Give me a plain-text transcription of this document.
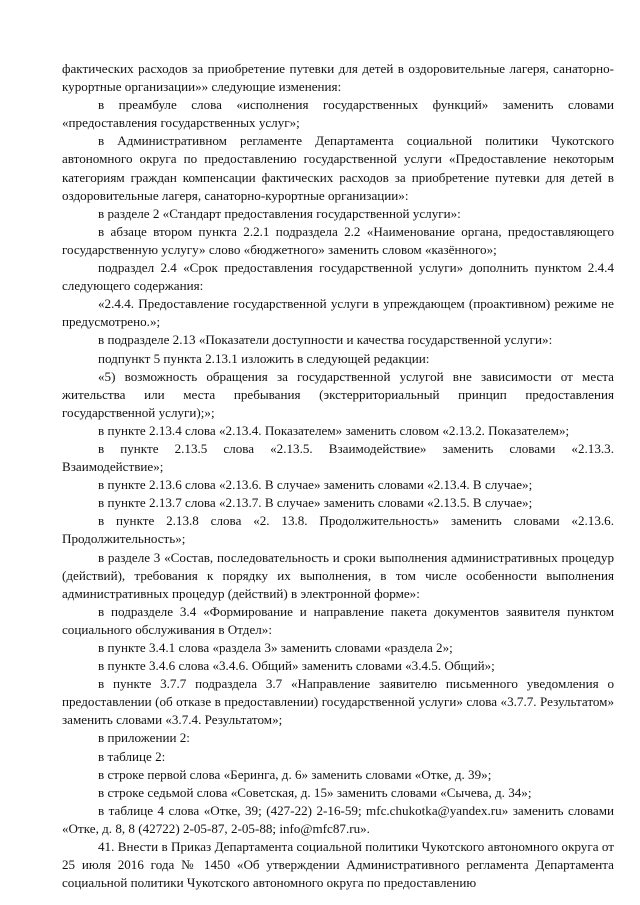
фактических расходов за приобретение путевки для детей в оздоровительные лагеря, санаторно-курортные организации»» следующие изменения:

в преамбуле слова «исполнения государственных функций» заменить словами «предоставления государственных услуг»;

в Административном регламенте Департамента социальной политики Чукотского автономного округа по предоставлению государственной услуги «Предоставление некоторым категориям граждан компенсации фактических расходов за приобретение путевки для детей в оздоровительные лагеря, санаторно-курортные организации»:

в разделе 2 «Стандарт предоставления государственной услуги»:

в абзаце втором пункта 2.2.1 подраздела 2.2 «Наименование органа, предоставляющего государственную услугу» слово «бюджетного» заменить словом «казённого»;

подраздел 2.4 «Срок предоставления государственной услуги» дополнить пунктом 2.4.4 следующего содержания:

«2.4.4. Предоставление государственной услуги в упреждающем (проактивном) режиме не предусмотрено.»;

в подразделе 2.13 «Показатели доступности и качества государственной услуги»:

подпункт 5 пункта 2.13.1 изложить в следующей редакции:

«5) возможность обращения за государственной услугой вне зависимости от места жительства или места пребывания (экстерриториальный принцип предоставления государственной услуги);»;

в пункте 2.13.4 слова «2.13.4. Показателем» заменить словом «2.13.2. Показателем»;

в пункте 2.13.5 слова «2.13.5. Взаимодействие» заменить словами «2.13.3. Взаимодействие»;

в пункте 2.13.6 слова «2.13.6. В случае» заменить словами «2.13.4. В случае»;

в пункте 2.13.7 слова «2.13.7. В случае» заменить словами «2.13.5. В случае»;

в пункте 2.13.8 слова «2. 13.8. Продолжительность» заменить словами «2.13.6. Продолжительность»;

в разделе 3 «Состав, последовательность и сроки выполнения административных процедур (действий), требования к порядку их выполнения, в том числе особенности выполнения административных процедур (действий) в электронной форме»:

в подразделе 3.4 «Формирование и направление пакета документов заявителя пунктом социального обслуживания в Отдел»:

в пункте 3.4.1 слова «раздела 3» заменить словами «раздела 2»;

в пункте 3.4.6 слова «3.4.6. Общий» заменить словами «3.4.5. Общий»;

в пункте 3.7.7 подраздела 3.7 «Направление заявителю письменного уведомления о предоставлении (об отказе в предоставлении) государственной услуги» слова «3.7.7. Результатом» заменить словами «3.7.4. Результатом»;

в приложении 2:

в таблице 2:

в строке первой слова «Беринга, д. 6» заменить словами «Отке, д. 39»;

в строке седьмой слова «Советская, д. 15» заменить словами «Сычева, д. 34»;

в таблице 4 слова «Отке, 39; (427-22) 2-16-59; mfc.chukotka@yandex.ru» заменить словами «Отке, д. 8, 8 (42722) 2-05-87, 2-05-88; info@mfc87.ru».

41. Внести в Приказ Департамента социальной политики Чукотского автономного округа от 25 июля 2016 года № 1450 «Об утверждении Административного регламента Департамента социальной политики Чукотского автономного округа по предоставлению
